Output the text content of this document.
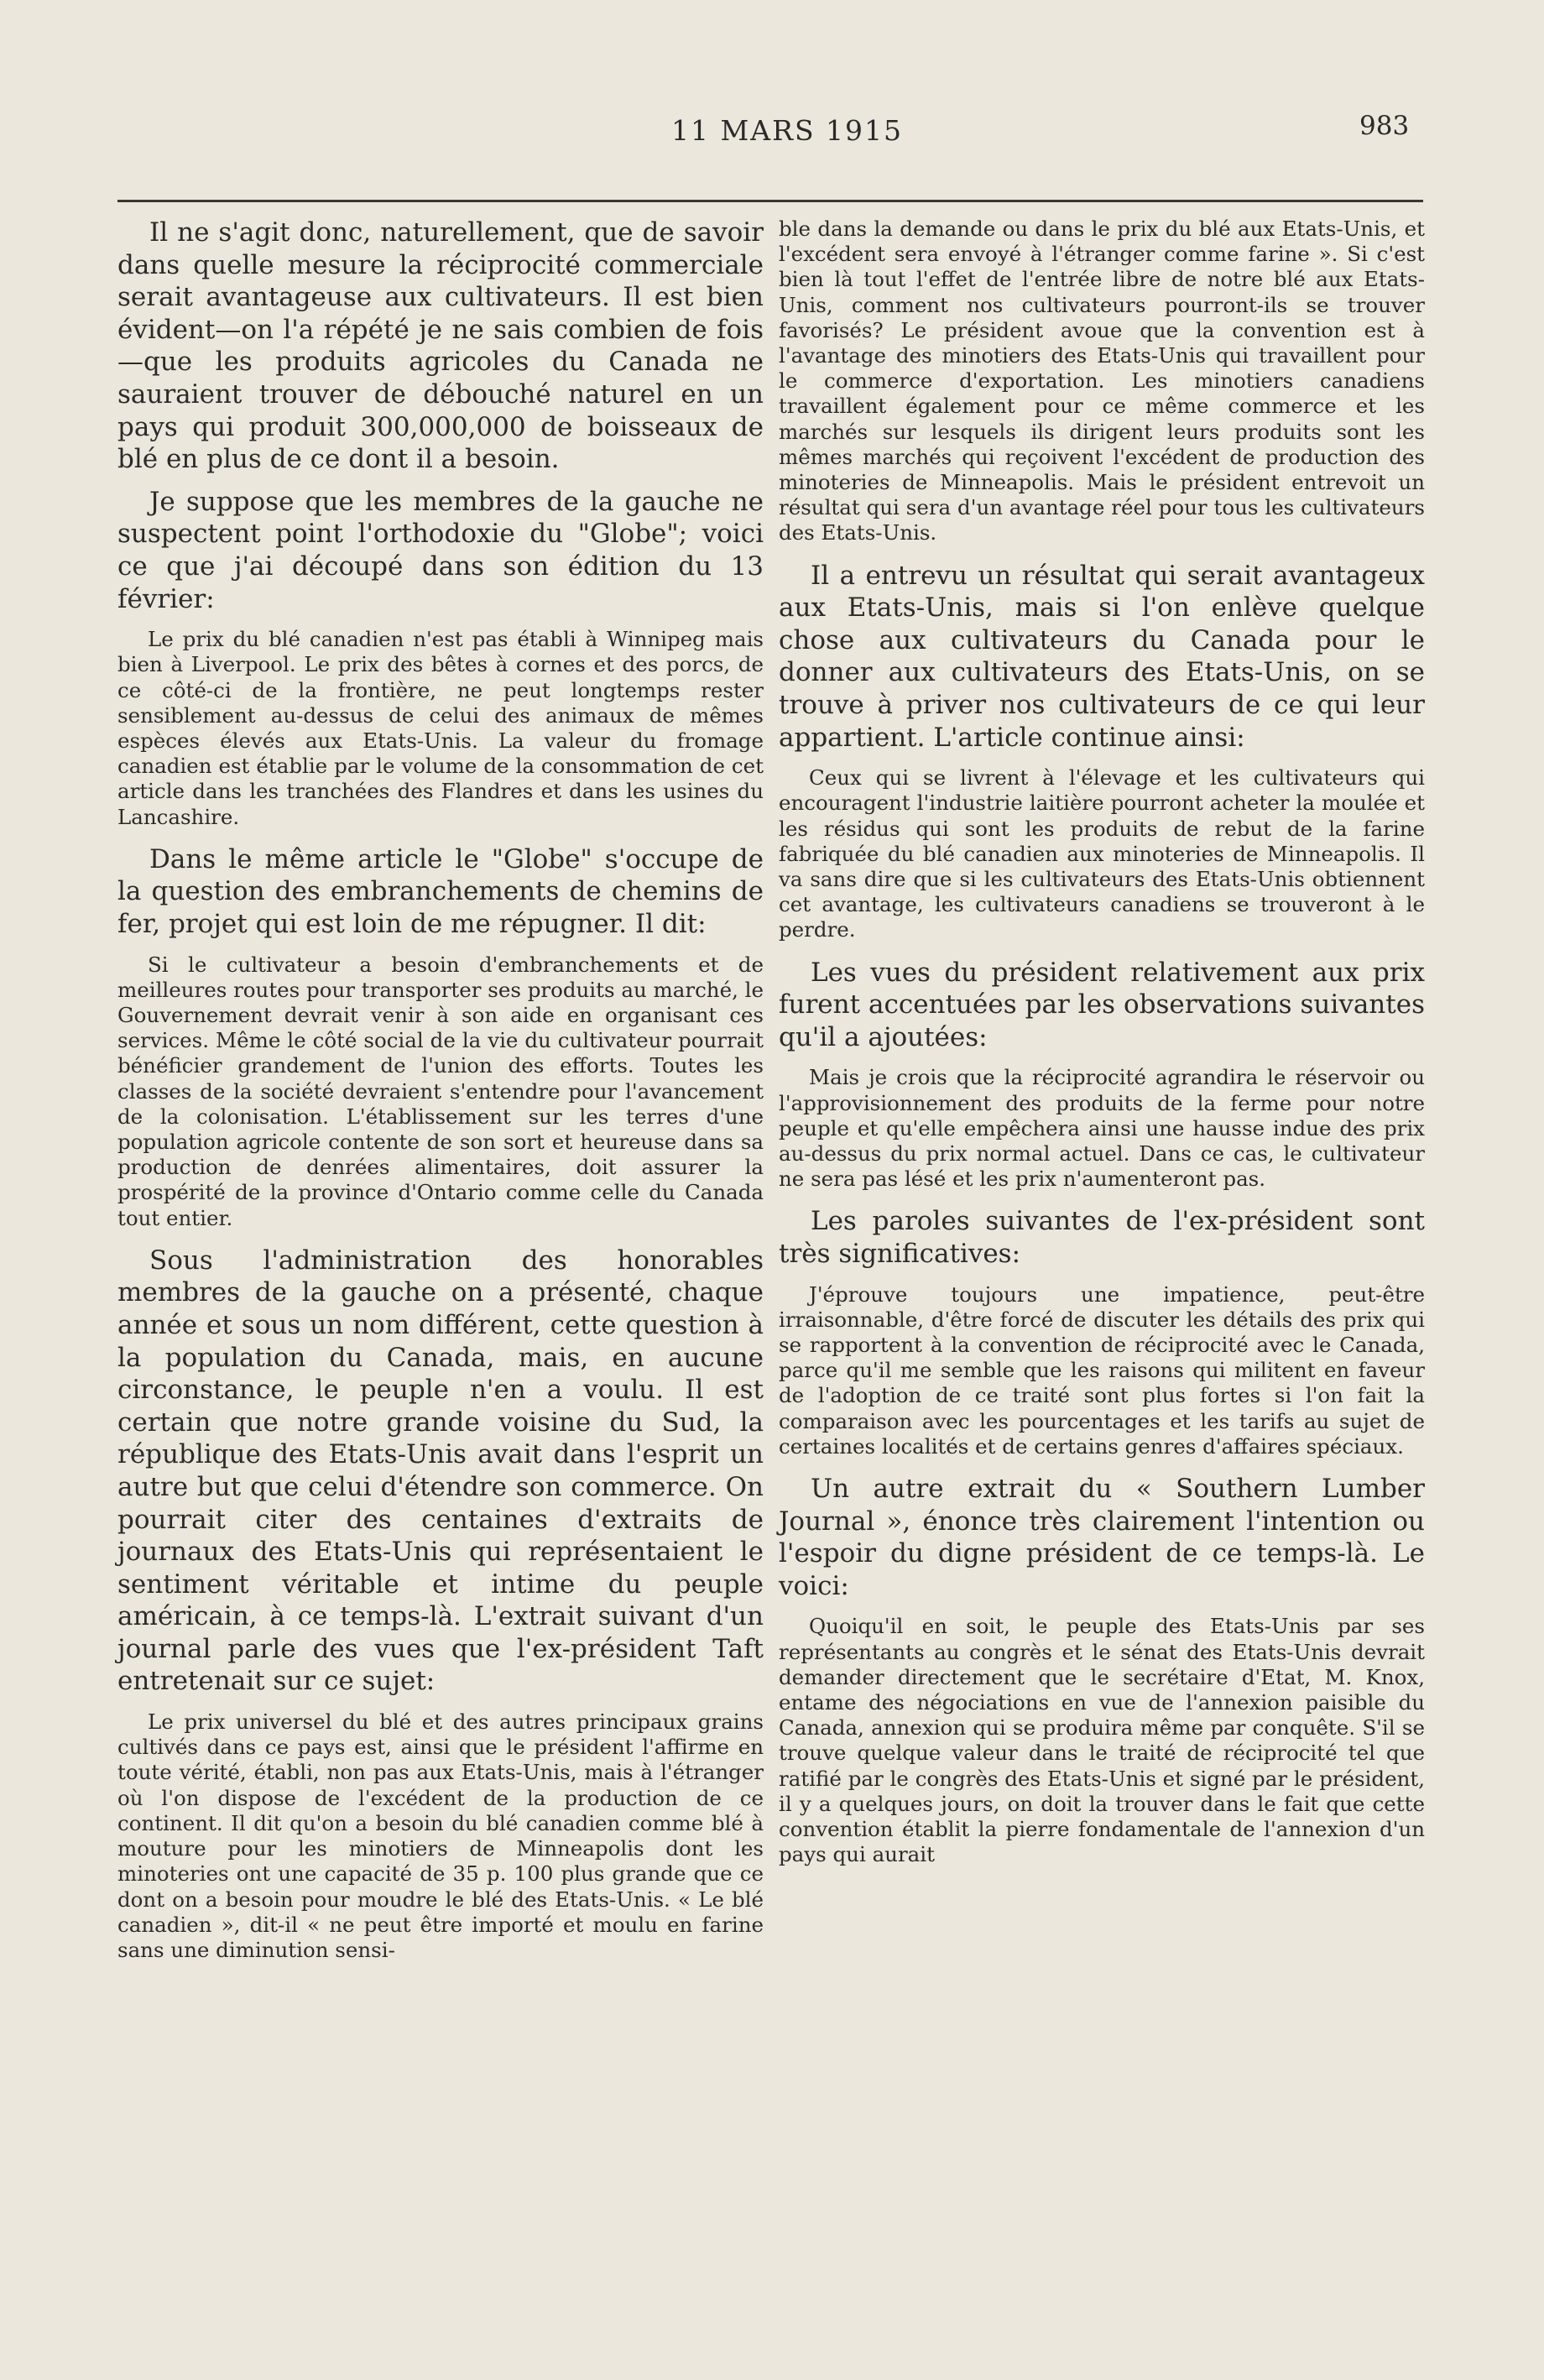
11 MARS 1915	983

Il ne s'agit donc, naturellement, que de savoir dans quelle mesure la réciprocité commerciale serait avantageuse aux cultivateurs. Il est bien évident—on l'a répété je ne sais combien de fois—que les produits agricoles du Canada ne sauraient trouver de débouché naturel en un pays qui produit 300,000,000 de boisseaux de blé en plus de ce dont il a besoin.

Je suppose que les membres de la gauche ne suspectent point l'orthodoxie du "Globe"; voici ce que j'ai découpé dans son édition du 13 février:

Le prix du blé canadien n'est pas établi à Winnipeg mais bien à Liverpool. Le prix des bêtes à cornes et des porcs, de ce côté-ci de la frontière, ne peut longtemps rester sensiblement au-dessus de celui des animaux de mêmes espèces élevés aux Etats-Unis. La valeur du fromage canadien est établie par le volume de la consommation de cet article dans les tranchées des Flandres et dans les usines du Lancashire.

Dans le même article le "Globe" s'occupe de la question des embranchements de chemins de fer, projet qui est loin de me répugner. Il dit:

Si le cultivateur a besoin d'embranchements et de meilleures routes pour transporter ses produits au marché, le Gouvernement devrait venir à son aide en organisant ces services. Même le côté social de la vie du cultivateur pourrait bénéficier grandement de l'union des efforts. Toutes les classes de la société devraient s'entendre pour l'avancement de la colonisation. L'établissement sur les terres d'une population agricole contente de son sort et heureuse dans sa production de denrées alimentaires, doit assurer la prospérité de la province d'Ontario comme celle du Canada tout entier.

Sous l'administration des honorables membres de la gauche on a présenté, chaque année et sous un nom différent, cette question à la population du Canada, mais, en aucune circonstance, le peuple n'en a voulu. Il est certain que notre grande voisine du Sud, la république des Etats-Unis avait dans l'esprit un autre but que celui d'étendre son commerce. On pourrait citer des centaines d'extraits de journaux des Etats-Unis qui représentaient le sentiment véritable et intime du peuple américain, à ce temps-là. L'extrait suivant d'un journal parle des vues que l'ex-président Taft entretenait sur ce sujet:

Le prix universel du blé et des autres principaux grains cultivés dans ce pays est, ainsi que le président l'affirme en toute vérité, établi, non pas aux Etats-Unis, mais à l'étranger où l'on dispose de l'excédent de la production de ce continent. Il dit qu'on a besoin du blé canadien comme blé à mouture pour les minotiers de Minneapolis dont les minoteries ont une capacité de 35 p. 100 plus grande que ce dont on a besoin pour moudre le blé des Etats-Unis. « Le blé canadien », dit-il « ne peut être importé et moulu en farine sans une diminution sensi-

ble dans la demande ou dans le prix du blé aux Etats-Unis, et l'excédent sera envoyé à l'étranger comme farine ». Si c'est bien là tout l'effet de l'entrée libre de notre blé aux Etats-Unis, comment nos cultivateurs pourront-ils se trouver favorisés? Le président avoue que la convention est à l'avantage des minotiers des Etats-Unis qui travaillent pour le commerce d'exportation. Les minotiers canadiens travaillent également pour ce même commerce et les marchés sur lesquels ils dirigent leurs produits sont les mêmes marchés qui reçoivent l'excédent de production des minoteries de Minneapolis. Mais le président entrevoit un résultat qui sera d'un avantage réel pour tous les cultivateurs des Etats-Unis.

Il a entrevu un résultat qui serait avantageux aux Etats-Unis, mais si l'on enlève quelque chose aux cultivateurs du Canada pour le donner aux cultivateurs des Etats-Unis, on se trouve à priver nos cultivateurs de ce qui leur appartient. L'article continue ainsi:

Ceux qui se livrent à l'élevage et les cultivateurs qui encouragent l'industrie laitière pourront acheter la moulée et les résidus qui sont les produits de rebut de la farine fabriquée du blé canadien aux minoteries de Minneapolis. Il va sans dire que si les cultivateurs des Etats-Unis obtiennent cet avantage, les cultivateurs canadiens se trouveront à le perdre.

Les vues du président relativement aux prix furent accentuées par les observations suivantes qu'il a ajoutées:

Mais je crois que la réciprocité agrandira le réservoir ou l'approvisionnement des produits de la ferme pour notre peuple et qu'elle empêchera ainsi une hausse indue des prix au-dessus du prix normal actuel. Dans ce cas, le cultivateur ne sera pas lésé et les prix n'aumenteront pas.

Les paroles suivantes de l'ex-président sont très significatives:

J'éprouve toujours une impatience, peut-être irraisonnable, d'être forcé de discuter les détails des prix qui se rapportent à la convention de réciprocité avec le Canada, parce qu'il me semble que les raisons qui militent en faveur de l'adoption de ce traité sont plus fortes si l'on fait la comparaison avec les pourcentages et les tarifs au sujet de certaines localités et de certains genres d'affaires spéciaux.

Un autre extrait du « Southern Lumber Journal », énonce très clairement l'intention ou l'espoir du digne président de ce temps-là. Le voici:

Quoiqu'il en soit, le peuple des Etats-Unis par ses représentants au congrès et le sénat des Etats-Unis devrait demander directement que le secrétaire d'Etat, M. Knox, entame des négociations en vue de l'annexion paisible du Canada, annexion qui se produira même par conquête. S'il se trouve quelque valeur dans le traité de réciprocité tel que ratifié par le congrès des Etats-Unis et signé par le président, il y a quelques jours, on doit la trouver dans le fait que cette convention établit la pierre fondamentale de l'annexion d'un pays qui aurait
